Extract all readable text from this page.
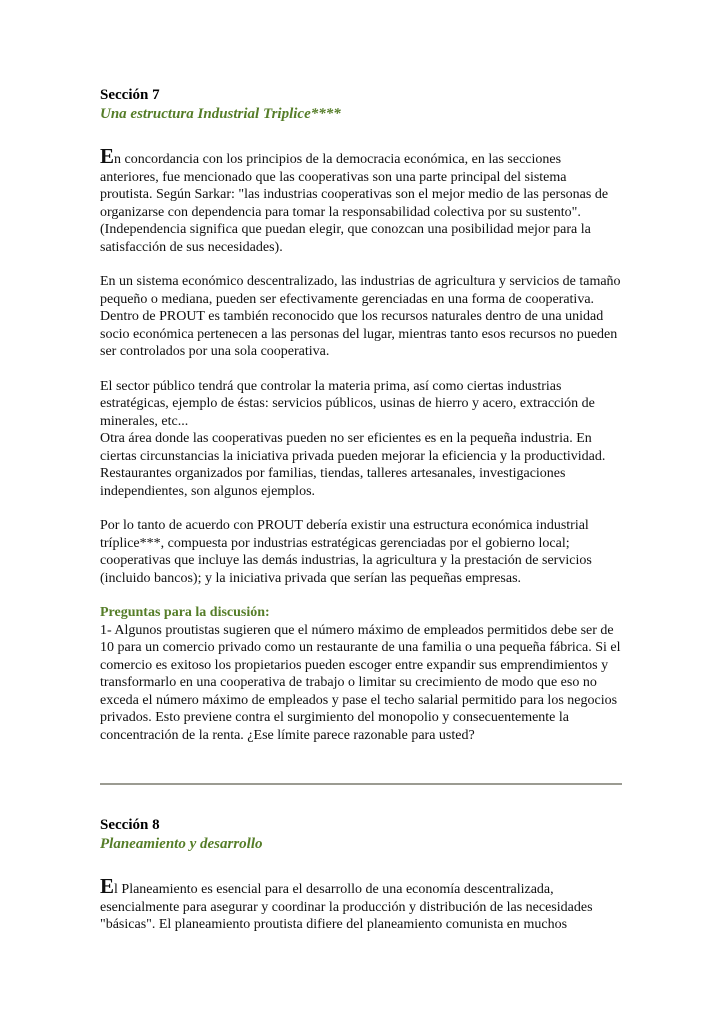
Sección 7
Una estructura Industrial Triplice****

En concordancia con los principios de la democracia económica, en las secciones anteriores, fue mencionado que las cooperativas son una parte principal del sistema proutista. Según Sarkar: "las industrias cooperativas son el mejor medio de las personas de organizarse con dependencia para tomar la responsabilidad colectiva por su sustento". (Independencia significa que puedan elegir, que conozcan una posibilidad mejor para la satisfacción de sus necesidades).

En un sistema económico descentralizado, las industrias de agricultura y servicios de tamaño pequeño o mediana, pueden ser efectivamente gerenciadas en una forma de cooperativa. Dentro de PROUT es también reconocido que los recursos naturales dentro de una unidad socio económica pertenecen a las personas del lugar, mientras tanto esos recursos no pueden ser controlados por una sola cooperativa.

El sector público tendrá que controlar la materia prima, así como ciertas industrias estratégicas, ejemplo de éstas: servicios públicos, usinas de hierro y acero, extracción de minerales, etc...

Otra área donde las cooperativas pueden no ser eficientes es en la pequeña industria. En ciertas circunstancias la iniciativa privada pueden mejorar la eficiencia y la productividad. Restaurantes organizados por familias, tiendas, talleres artesanales, investigaciones independientes, son algunos ejemplos.

Por lo tanto de acuerdo con PROUT debería existir una estructura económica industrial tríplice***, compuesta por industrias estratégicas gerenciadas por el gobierno local; cooperativas que incluye las demás industrias, la agricultura y la prestación de servicios (incluido bancos); y la iniciativa privada que serían las pequeñas empresas.

Preguntas para la discusión:

1- Algunos proutistas sugieren que el número máximo de empleados permitidos debe ser de 10 para un comercio privado como un restaurante de una familia o una pequeña fábrica. Si el comercio es exitoso los propietarios pueden escoger entre expandir sus emprendimientos y transformarlo en una cooperativa de trabajo o limitar su crecimiento de modo que eso no exceda el número máximo de empleados y pase el techo salarial permitido para los negocios privados. Esto previene contra el surgimiento del monopolio y consecuentemente la concentración de la renta. ¿Ese límite parece razonable para usted?

Sección 8
Planeamiento y desarrollo

El Planeamiento es esencial para el desarrollo de una economía descentralizada, esencialmente para asegurar y coordinar la producción y distribución de las necesidades "básicas". El planeamiento proutista difiere del planeamiento comunista en muchos
